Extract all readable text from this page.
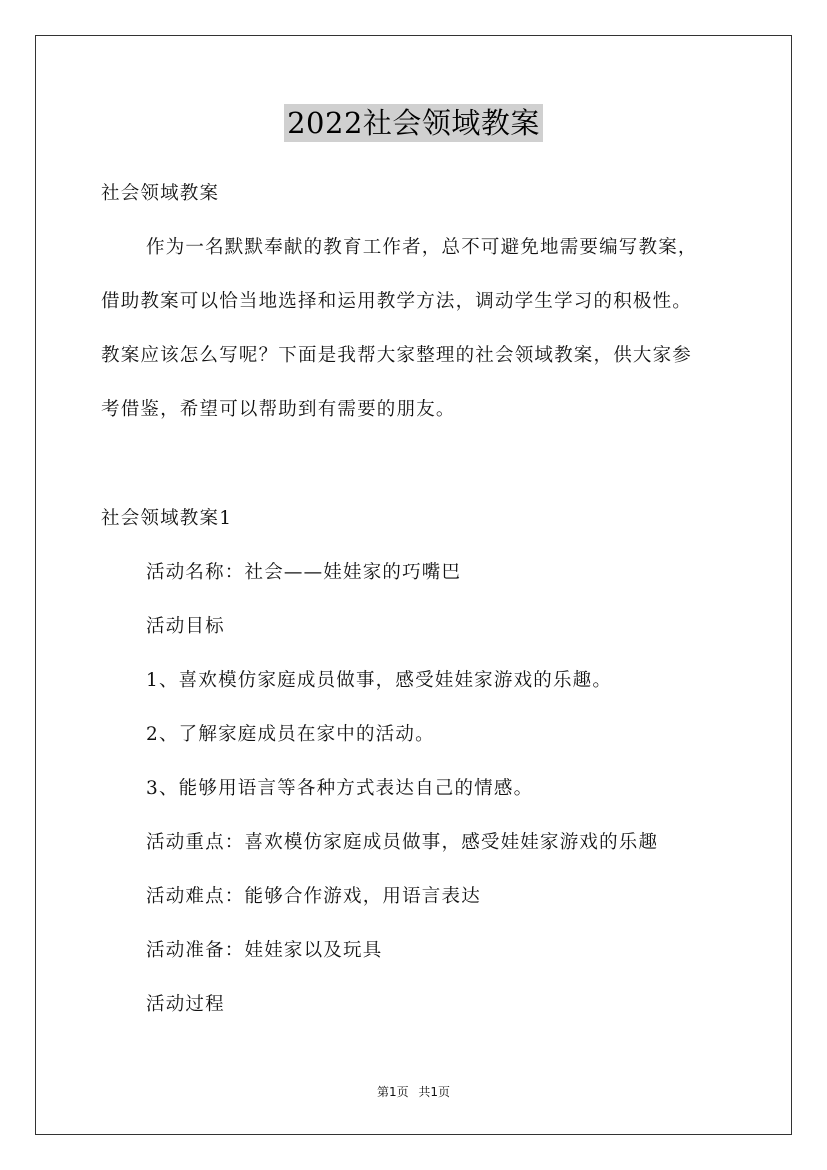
2022社会领域教案
社会领域教案
作为一名默默奉献的教育工作者，总不可避免地需要编写教案，
借助教案可以恰当地选择和运用教学方法，调动学生学习的积极性。
教案应该怎么写呢？下面是我帮大家整理的社会领域教案，供大家参
考借鉴，希望可以帮助到有需要的朋友。
社会领域教案1
活动名称：社会——娃娃家的巧嘴巴
活动目标
1、喜欢模仿家庭成员做事，感受娃娃家游戏的乐趣。
2、了解家庭成员在家中的活动。
3、能够用语言等各种方式表达自己的情感。
活动重点：喜欢模仿家庭成员做事，感受娃娃家游戏的乐趣
活动难点：能够合作游戏，用语言表达
活动准备：娃娃家以及玩具
活动过程
第1页 共1页
